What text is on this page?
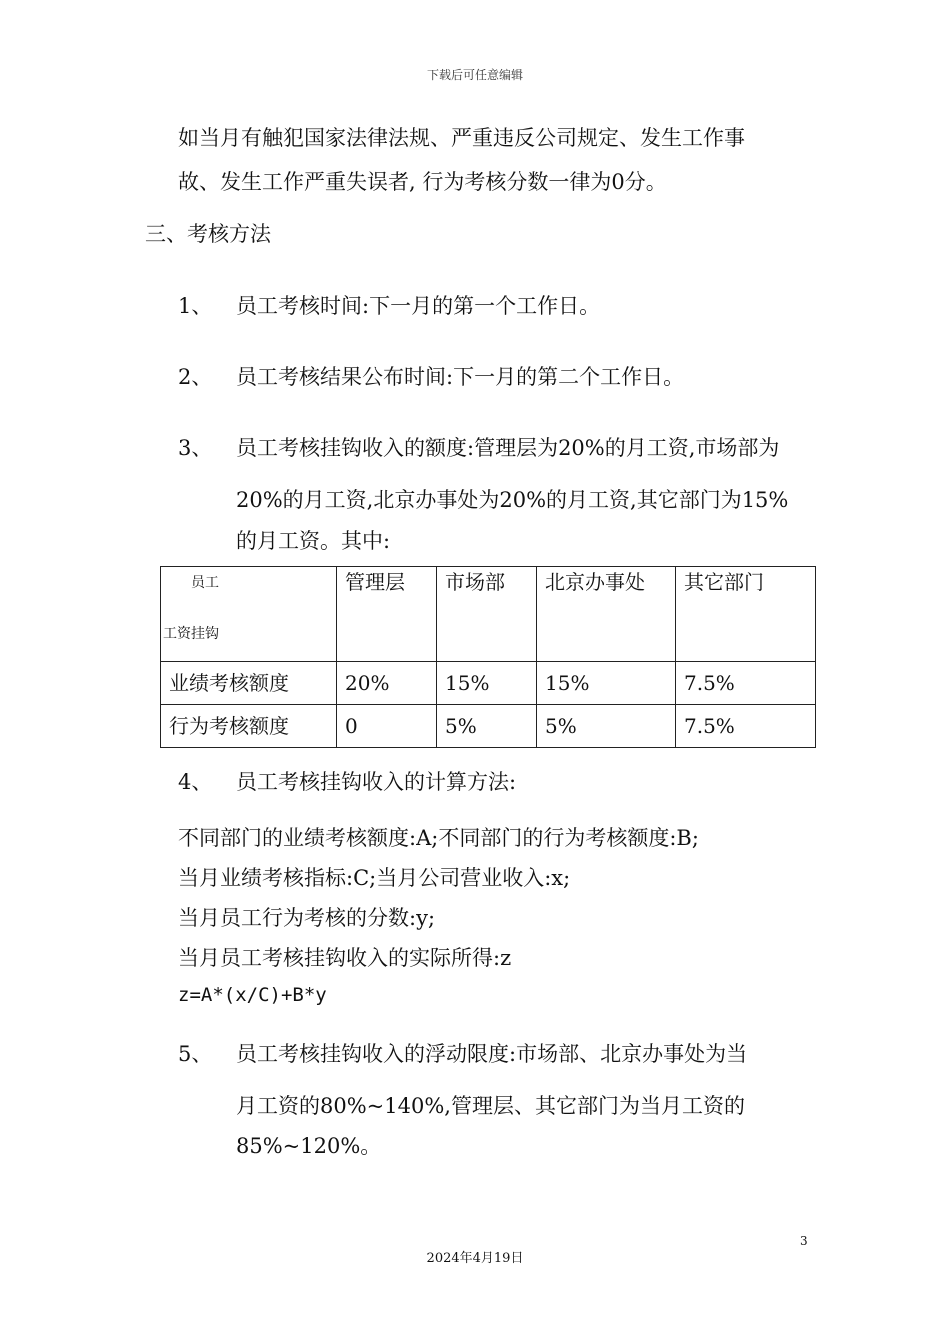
下载后可任意编辑
如当月有触犯国家法律法规、严重违反公司规定、发生工作事
故、发生工作严重失误者, 行为考核分数一律为0分。
三、考核方法
1、 员工考核时间:下一月的第一个工作日。
2、 员工考核结果公布时间:下一月的第二个工作日。
3、 员工考核挂钩收入的额度:管理层为20%的月工资,市场部为
20%的月工资,北京办事处为20%的月工资,其它部门为15%
的月工资。其中:
员工
工资挂钩	管理层	市场部	北京办事处	其它部门
业绩考核额度	20%	15%	15%	7.5%
行为考核额度	0	5%	5%	7.5%
4、 员工考核挂钩收入的计算方法:
不同部门的业绩考核额度:A;不同部门的行为考核额度:B;
当月业绩考核指标:C;当月公司营业收入:x;
当月员工行为考核的分数:y;
当月员工考核挂钩收入的实际所得:z
z=A*(x/C)+B*y
5、 员工考核挂钩收入的浮动限度:市场部、北京办事处为当
月工资的80%~140%,管理层、其它部门为当月工资的
85%~120%。
3
2024年4月19日
